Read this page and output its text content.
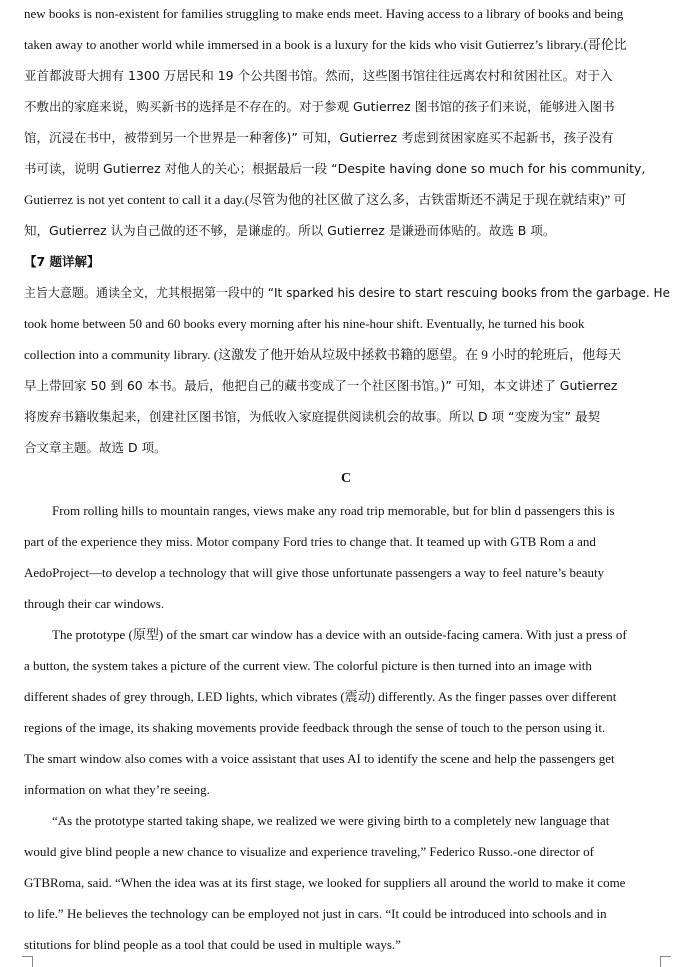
new books is non-existent for families struggling to make ends meet. Having access to a library of books and being
taken away to another world while immersed in a book is a luxury for the kids who visit Gutierrez’s library.(哥伦比
亚首都波哥大拥有 1300 万居民和 19 个公共图书馆。然而，这些图书馆往往远离农村和贫困社区。对于入
不敷出的家庭来说，购买新书的选择是不存在的。对于参观 Gutierrez 图书馆的孩子们来说，能够进入图书
馆，沉浸在书中，被带到另一个世界是一种奢侈)” 可知，Gutierrez 考虑到贫困家庭买不起新书，孩子没有
书可读，说明 Gutierrez 对他人的关心；根据最后一段 “Despite having done so much for his community,
Gutierrez is not yet content to call it a day.(尽管为他的社区做了这么多，古铁雷斯还不满足于现在就结束)” 可
知，Gutierrez 认为自己做的还不够，是谦虚的。所以 Gutierrez 是谦逊而体贴的。故选 B 项。
【7 题详解】
主旨大意题。通读全文，尤其根据第一段中的 “It sparked his desire to start rescuing books from the garbage. He
took home between 50 and 60 books every morning after his nine-hour shift. Eventually, he turned his book
collection into a community library. (这激发了他开始从垃圾中拯救书籍的愿望。在 9 小时的轮班后，他每天
早上带回家 50 到 60 本书。最后，他把自己的藏书变成了一个社区图书馆。)” 可知，本文讲述了 Gutierrez
将废弃书籍收集起来，创建社区图书馆，为低收入家庭提供阅读机会的故事。所以 D 项 “变废为宝” 最契
合文章主题。故选 D 项。
C
From rolling hills to mountain ranges, views make any road trip memorable, but for blin d passengers this is
part of the experience they miss. Motor company Ford tries to change that. It teamed up with GTB Rom a and
AedoProject—to develop a technology that will give those unfortunate passengers a way to feel nature’s beauty
through their car windows.
The prototype (原型) of the smart car window has a device with an outside-facing camera. With just a press of
a button, the system takes a picture of the current view. The colorful picture is then turned into an image with
different shades of grey through, LED lights, which vibrates (震动) differently. As the finger passes over different
regions of the image, its shaking movements provide feedback through the sense of touch to the person using it.
The smart window also comes with a voice assistant that uses AI to identify the scene and help the passengers get
information on what they’re seeing.
“As the prototype started taking shape, we realized we were giving birth to a completely new language that
would give blind people a new chance to visualize and experience traveling,” Federico Russo.-one director of
GTBRoma, said. “When the idea was at its first stage, we looked for suppliers all around the world to make it come
to life.” He believes the technology can be employed not just in cars. “It could be introduced into schools and in
stitutions for blind people as a tool that could be used in multiple ways.”
